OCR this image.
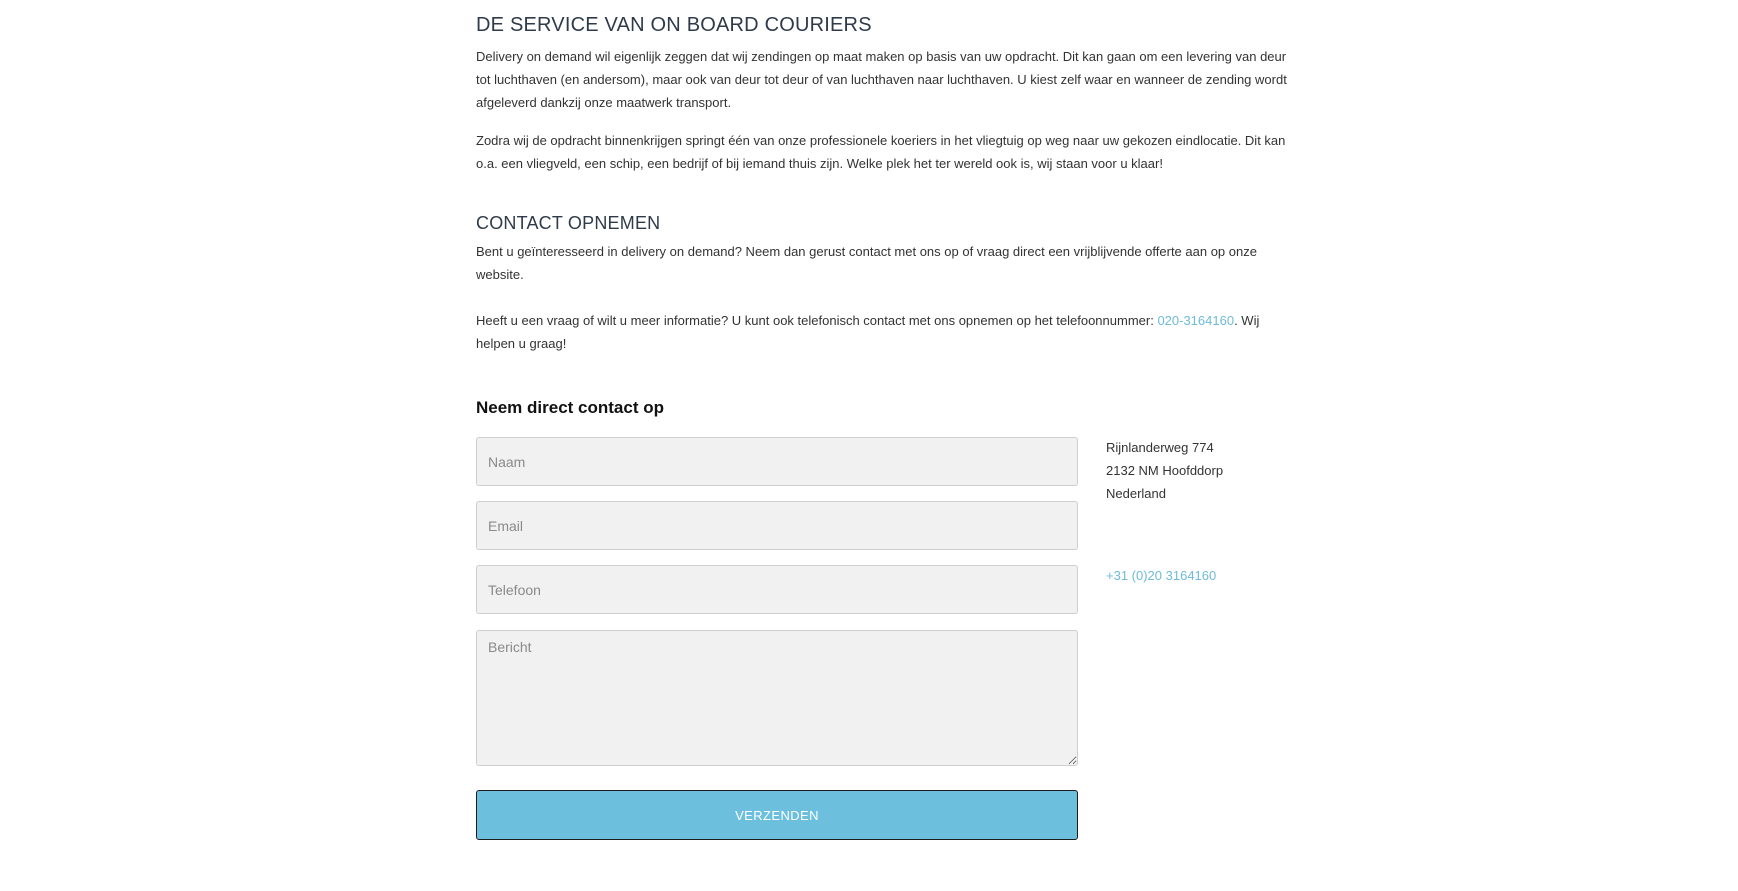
DE SERVICE VAN ON BOARD COURIERS

Delivery on demand wil eigenlijk zeggen dat wij zendingen op maat maken op basis van uw opdracht. Dit kan gaan om een levering van deur tot luchthaven (en andersom), maar ook van deur tot deur of van luchthaven naar luchthaven. U kiest zelf waar en wanneer de zending wordt afgeleverd dankzij onze maatwerk transport.

Zodra wij de opdracht binnenkrijgen springt één van onze professionele koeriers in het vliegtuig op weg naar uw gekozen eindlocatie. Dit kan o.a. een vliegveld, een schip, een bedrijf of bij iemand thuis zijn. Welke plek het ter wereld ook is, wij staan voor u klaar!

CONTACT OPNEMEN

Bent u geïnteresseerd in delivery on demand? Neem dan gerust contact met ons op of vraag direct een vrijblijvende offerte aan op onze website.

Heeft u een vraag of wilt u meer informatie? U kunt ook telefonisch contact met ons opnemen op het telefoonnummer: 020-3164160. Wij helpen u graag!

Neem direct contact op
Naam
Email
Telefoon
Bericht
VERZENDEN
Rijnlanderweg 774
2132 NM Hoofddorp
Nederland
+31 (0)20 3164160
